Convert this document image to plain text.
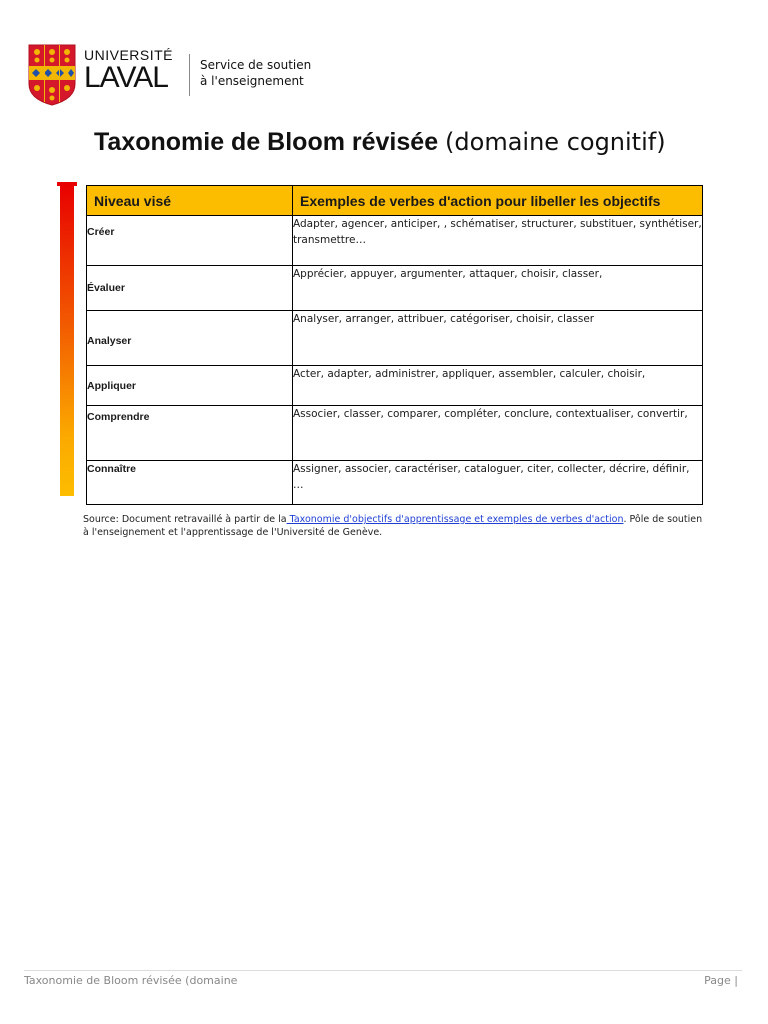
UNIVERSITÉ
LAVAL	Service de soutien
à l'enseignement
Taxonomie de Bloom révisée (domaine cognitif)
Niveau visé	Exemples de verbes d'action pour libeller les objectifs

Créer	Adapter, agencer, anticiper, , schématiser, structurer, substituer, synthétiser, transmettre…

Évaluer	Apprécier, appuyer, argumenter, attaquer, choisir, classer,

Analyser	Analyser, arranger, attribuer, catégoriser, choisir, classer

Appliquer	Acter, adapter, administrer, appliquer, assembler, calculer, choisir,

Comprendre	Associer, classer, comparer, compléter, conclure, contextualiser, convertir,

Connaître	Assigner, associer, caractériser, cataloguer, citer, collecter, décrire, définir, …
Source: Document retravaillé à partir de la Taxonomie d'objectifs d'apprentissage et exemples de verbes d'action. Pôle de soutien à l'enseignement et l'apprentissage de l'Université de Genève.
Taxonomie de Bloom révisée (domaine	Page |
